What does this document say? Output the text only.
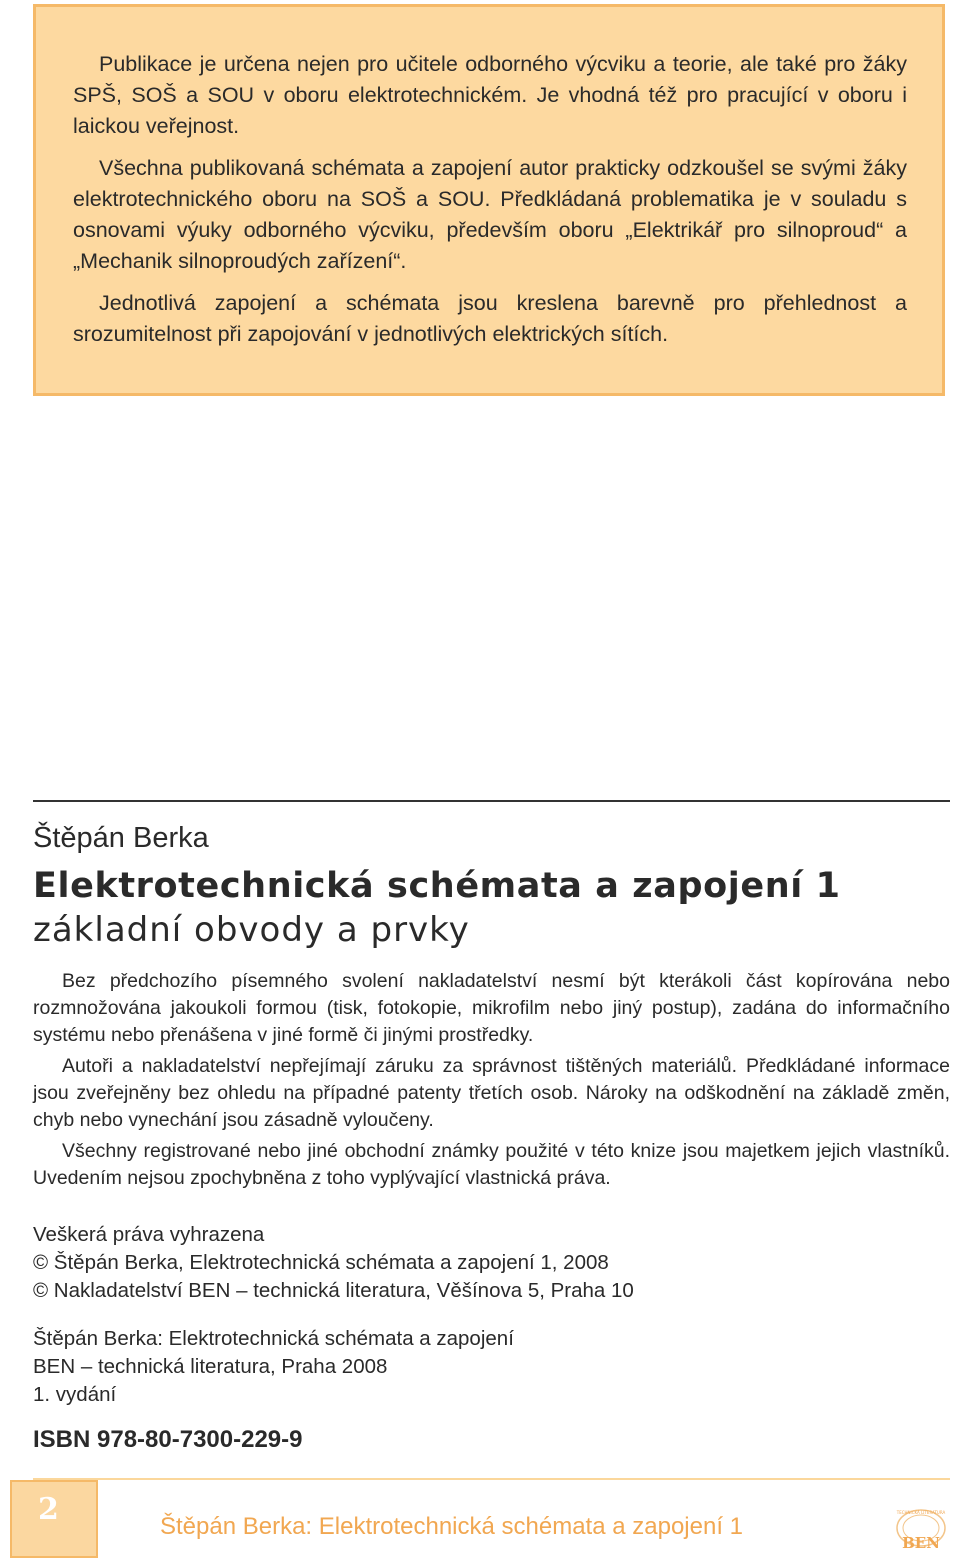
Publikace je určena nejen pro učitele odborného výcviku a teorie, ale také pro žáky SPŠ, SOŠ a SOU v oboru elektrotechnickém. Je vhodná též pro pracující v oboru i laickou veřejnost.

Všechna publikovaná schémata a zapojení autor prakticky odzkoušel se svými žáky elektrotechnického oboru na SOŠ a SOU. Předkládaná problematika je v souladu s osnovami výuky odborného výcviku, především oboru „Elektrikář pro silnoproud“ a „Mechanik silnoproudých zařízení“.

Jednotlivá zapojení a schémata jsou kreslena barevně pro přehlednost a srozumitelnost při zapojování v jednotlivých elektrických sítích.

Štěpán Berka
Elektrotechnická schémata a zapojení 1
základní obvody a prvky

Bez předchozího písemného svolení nakladatelství nesmí být kterákoli část kopírována nebo rozmnožována jakoukoli formou (tisk, fotokopie, mikrofilm nebo jiný postup), zadána do informačního systému nebo přenášena v jiné formě či jinými prostředky.

Autoři a nakladatelství nepřejímají záruku za správnost tištěných materiálů. Předkládané informace jsou zveřejněny bez ohledu na případné patenty třetích osob. Nároky na odškodnění na základě změn, chyb nebo vynechání jsou zásadně vyloučeny.

Všechny registrované nebo jiné obchodní známky použité v této knize jsou majetkem jejich vlastníků. Uvedením nejsou zpochybněna z toho vyplývající vlastnická práva.

Veškerá práva vyhrazena
© Štěpán Berka, Elektrotechnická schémata a zapojení 1, 2008
© Nakladatelství BEN – technická literatura, Věšínova 5, Praha 10
Štěpán Berka: Elektrotechnická schémata a zapojení
BEN – technická literatura, Praha 2008
1. vydání
ISBN 978-80-7300-229-9
2	Štěpán Berka: Elektrotechnická schémata a zapojení 1
TECHNICKÁ LITERATURA
BEN
